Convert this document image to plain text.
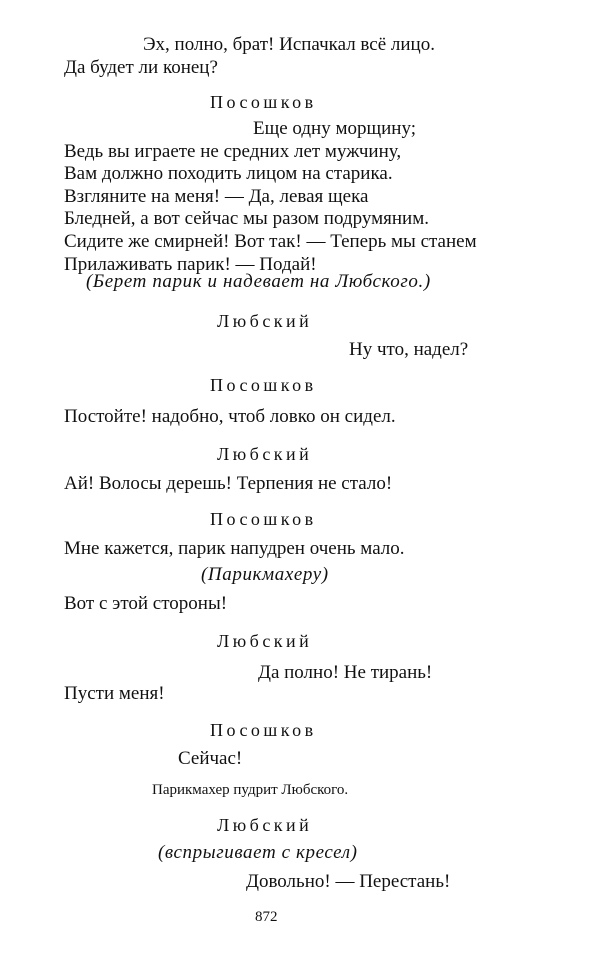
Эх, полно, брат! Испачкал всё лицо.
Да будет ли конец?
Посошков
Еще одну морщину;
Ведь вы играете не средних лет мужчину,
Вам должно походить лицом на старика.
Взгляните на меня! — Да, левая щека
Бледней, а вот сейчас мы разом подрумяним.
Сидите же смирней! Вот так! — Теперь мы станем
Прилаживать парик! — Подай!
(Берет парик и надевает на Любского.)
Любский
Ну что, надел?
Посошков
Постойте! надобно, чтоб ловко он сидел.
Любский
Ай! Волосы дерешь! Терпения не стало!
Посошков
Мне кажется, парик напудрен очень мало.
(Парикмахеру)
Вот с этой стороны!
Любский
Да полно! Не тирань!
Пусти меня!
Посошков
Сейчас!
Парикмахер пудрит Любского.
Любский
(вспрыгивает с кресел)
Довольно! — Перестань!
872
